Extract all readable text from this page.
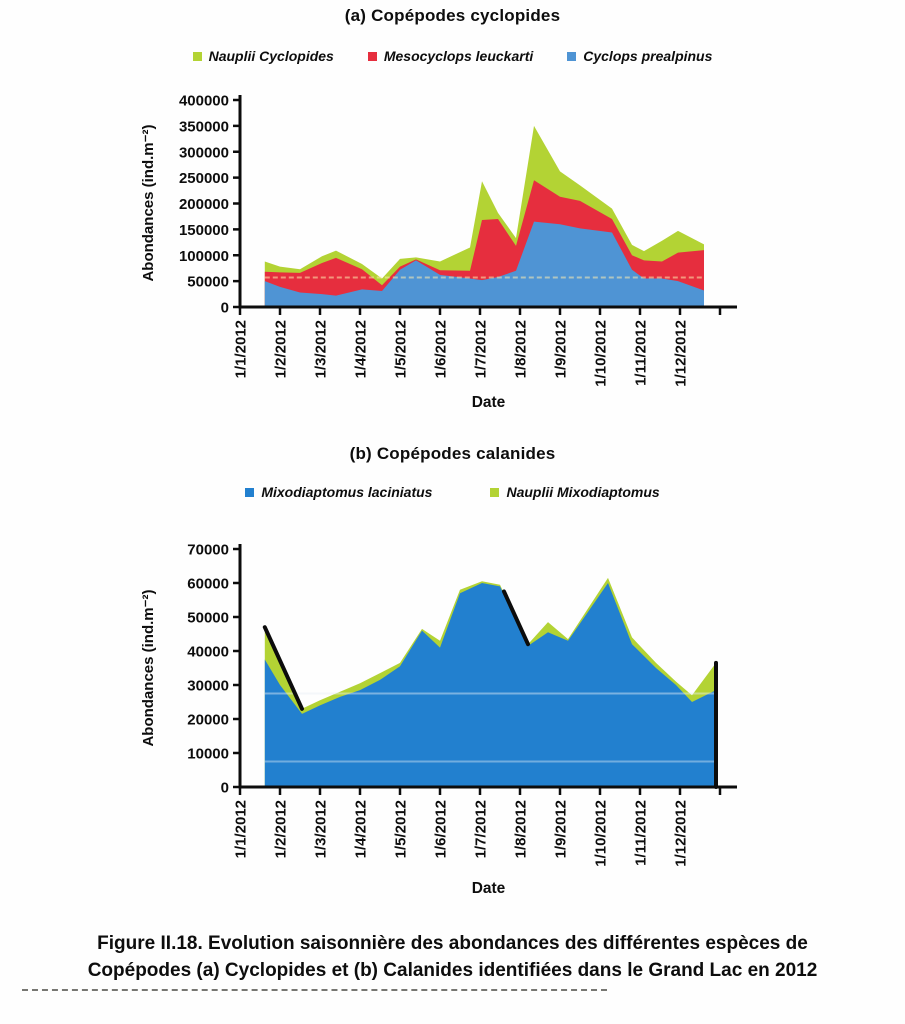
(a) Copépodes cyclopides
Nauplii Cyclopides	Mesocyclops leuckarti	Cyclops prealpinus
0
50000
100000
150000
200000
250000
300000
350000
400000
1/1/2012 1/2/2012 1/3/2012 1/4/2012 1/5/2012 1/6/2012 1/7/2012 1/8/2012 1/9/2012 1/10/2012 1/11/2012 1/12/2012
0
10000
20000
30000
40000
50000
60000
70000
1/1/2012 1/2/2012 1/3/2012 1/4/2012 1/5/2012 1/6/2012 1/7/2012 1/8/2012 1/9/2012 1/10/2012 1/11/2012 1/12/2012
Abondances (ind.m⁻²)
Date
(b) Copépodes calanides
Mixodiaptomus laciniatus	Nauplii Mixodiaptomus
Abondances (ind.m⁻²)
Date
Figure II.18. Evolution saisonnière des abondances des différentes espèces de
Copépodes (a) Cyclopides et (b) Calanides identifiées dans le Grand Lac en 2012
